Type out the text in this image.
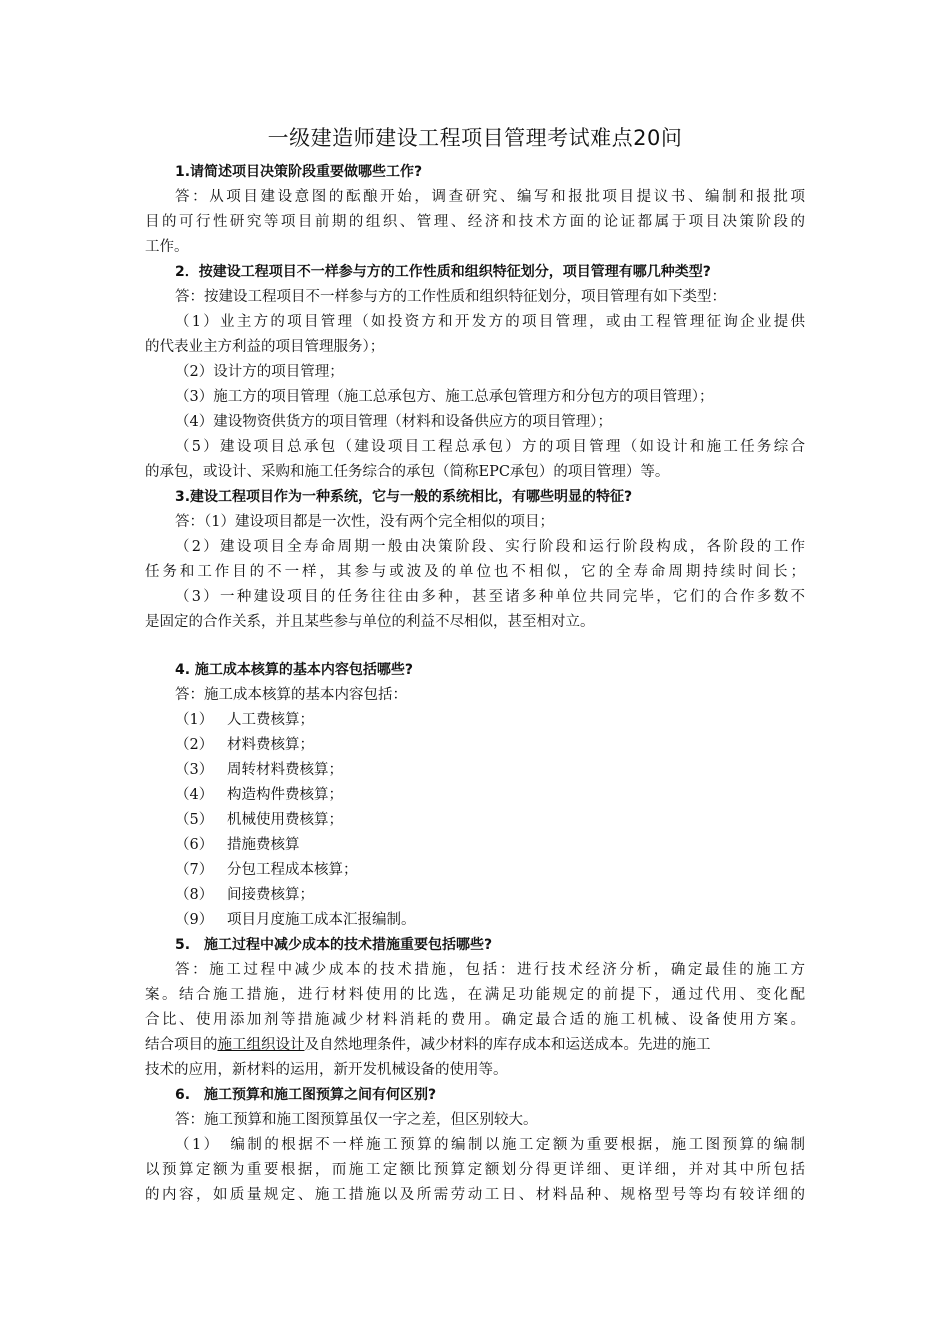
一级建造师建设工程项目管理考试难点20问
1.请简述项目决策阶段重要做哪些工作?
答：从项目建设意图的酝酿开始，调查研究、编写和报批项目提议书、编制和报批项
目的可行性研究等项目前期的组织、管理、经济和技术方面的论证都属于项目决策阶段的
工作。
2．按建设工程项目不一样参与方的工作性质和组织特征划分，项目管理有哪几种类型?
答：按建设工程项目不一样参与方的工作性质和组织特征划分，项目管理有如下类型：
（1）业主方的项目管理（如投资方和开发方的项目管理，或由工程管理征询企业提供
的代表业主方利益的项目管理服务）；
（2）设计方的项目管理；
（3）施工方的项目管理（施工总承包方、施工总承包管理方和分包方的项目管理）；
（4）建设物资供货方的项目管理（材料和设备供应方的项目管理）；
（5）建设项目总承包（建设项目工程总承包）方的项目管理（如设计和施工任务综合
的承包，或设计、采购和施工任务综合的承包（简称EPC承包）的项目管理）等。
3.建设工程项目作为一种系统，它与一般的系统相比，有哪些明显的特征?
答：（1）建设项目都是一次性，没有两个完全相似的项目；
（2）建设项目全寿命周期一般由决策阶段、实行阶段和运行阶段构成，各阶段的工作
任务和工作目的不一样，其参与或波及的单位也不相似，它的全寿命周期持续时间长；
（3）一种建设项目的任务往往由多种，甚至诸多种单位共同完毕，它们的合作多数不
是固定的合作关系，并且某些参与单位的利益不尽相似，甚至相对立。
4. 施工成本核算的基本内容包括哪些?
答：施工成本核算的基本内容包括：
（1） 人工费核算；
（2） 材料费核算；
（3） 周转材料费核算；
（4） 构造构件费核算；
（5） 机械使用费核算；
（6） 措施费核算
（7） 分包工程成本核算；
（8） 间接费核算；
（9） 项目月度施工成本汇报编制。
5.　施工过程中减少成本的技术措施重要包括哪些?
答：施工过程中减少成本的技术措施，包括：进行技术经济分析，确定最佳的施工方
案。结合施工措施，进行材料使用的比选，在满足功能规定的前提下，通过代用、变化配
合比、使用添加剂等措施减少材料消耗的费用。确定最合适的施工机械、设备使用方案。
结合项目的施工组织设计及自然地理条件，减少材料的库存成本和运送成本。先进的施工
技术的应用，新材料的运用，新开发机械设备的使用等。
6.　施工预算和施工图预算之间有何区别?
答：施工预算和施工图预算虽仅一字之差，但区别较大。
（1）　编制的根据不一样施工预算的编制以施工定额为重要根据，施工图预算的编制
以预算定额为重要根据，而施工定额比预算定额划分得更详细、更详细，并对其中所包括
的内容，如质量规定、施工措施以及所需劳动工日、材料品种、规格型号等均有较详细的
